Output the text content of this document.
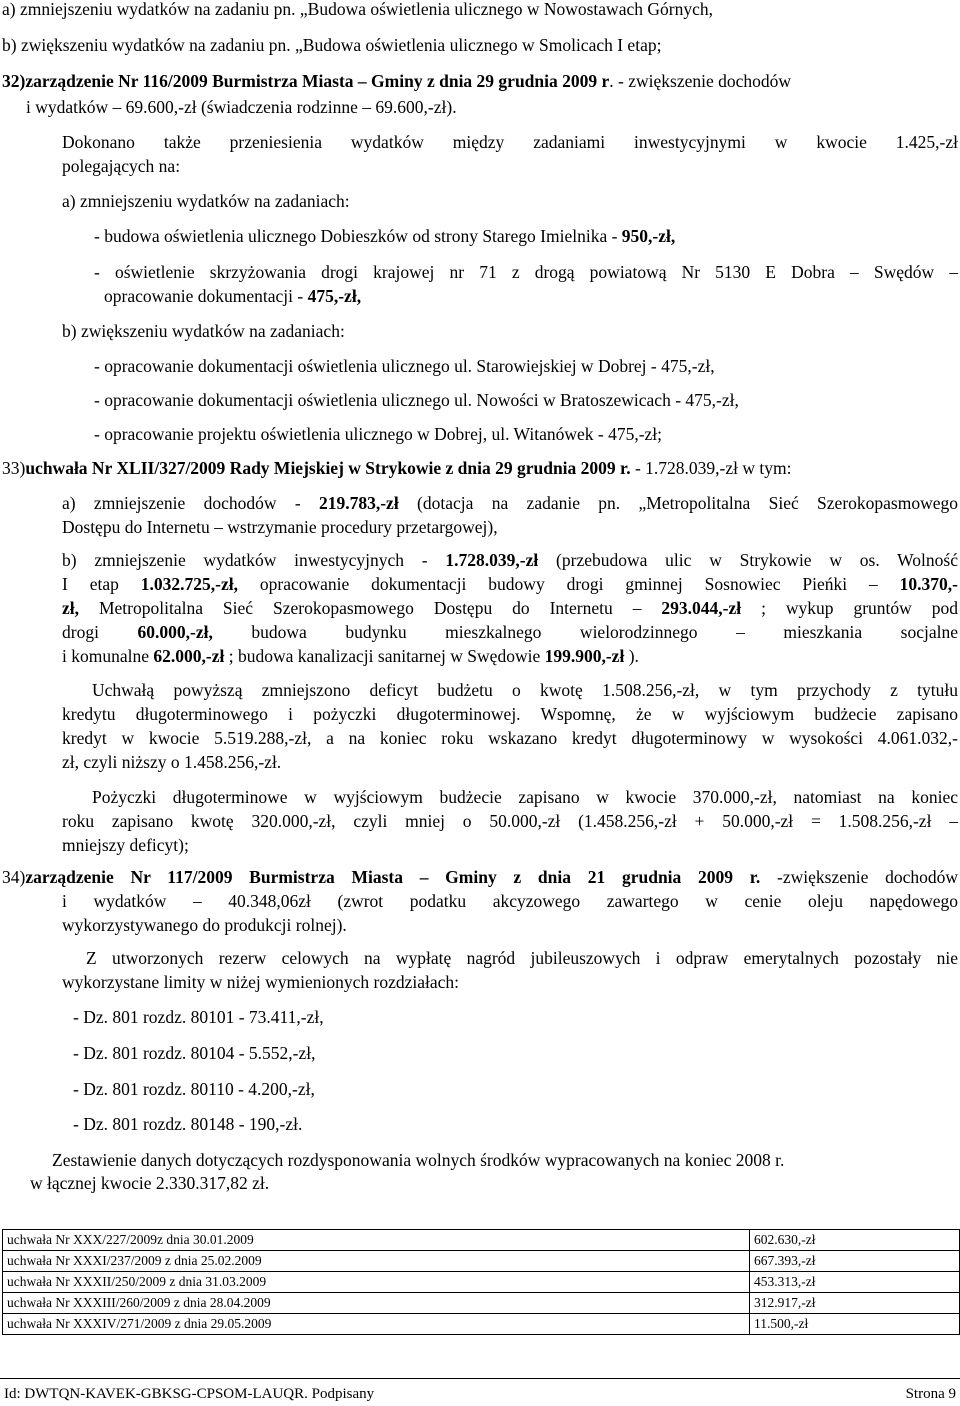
a) zmniejszeniu wydatków na zadaniu pn. „Budowa oświetlenia ulicznego w Nowostawach Górnych,
b) zwiększeniu wydatków na zadaniu pn. „Budowa oświetlenia ulicznego w Smolicach I etap;
32)zarządzenie Nr 116/2009 Burmistrza Miasta – Gminy z dnia 29 grudnia 2009 r. - zwiększenie dochodów
i wydatków – 69.600,-zł (świadczenia rodzinne – 69.600,-zł).
Dokonano także przeniesienia wydatków między zadaniami inwestycyjnymi w kwocie 1.425,-zł
polegających na:
a) zmniejszeniu wydatków na zadaniach:
- budowa oświetlenia ulicznego Dobieszków od strony Starego Imielnika - 950,-zł,
- oświetlenie skrzyżowania drogi krajowej nr 71 z drogą powiatową Nr 5130 E Dobra – Swędów –
opracowanie dokumentacji - 475,-zł,
b) zwiększeniu wydatków na zadaniach:
- opracowanie dokumentacji oświetlenia ulicznego ul. Starowiejskiej w Dobrej - 475,-zł,
- opracowanie dokumentacji oświetlenia ulicznego ul. Nowości w Bratoszewicach - 475,-zł,
- opracowanie projektu oświetlenia ulicznego w Dobrej, ul. Witanówek - 475,-zł;
33)uchwała Nr XLII/327/2009 Rady Miejskiej w Strykowie z dnia 29 grudnia 2009 r. - 1.728.039,-zł w tym:
a) zmniejszenie dochodów - 219.783,-zł (dotacja na zadanie pn. „Metropolitalna Sieć Szerokopasmowego
Dostępu do Internetu – wstrzymanie procedury przetargowej),
b) zmniejszenie wydatków inwestycyjnych - 1.728.039,-zł (przebudowa ulic w Strykowie w os. Wolność
I etap 1.032.725,-zł, opracowanie dokumentacji budowy drogi gminnej Sosnowiec Pieńki – 10.370,-
zł, Metropolitalna Sieć Szerokopasmowego Dostępu do Internetu – 293.044,-zł ; wykup gruntów pod
drogi 60.000,-zł, budowa budynku mieszkalnego wielorodzinnego – mieszkania socjalne
i komunalne 62.000,-zł ; budowa kanalizacji sanitarnej w Swędowie 199.900,-zł ).
Uchwałą powyższą zmniejszono deficyt budżetu o kwotę 1.508.256,-zł, w tym przychody z tytułu
kredytu długoterminowego i pożyczki długoterminowej. Wspomnę, że w wyjściowym budżecie zapisano
kredyt w kwocie 5.519.288,-zł, a na koniec roku wskazano kredyt długoterminowy w wysokości 4.061.032,-
zł, czyli niższy o 1.458.256,-zł.
Pożyczki długoterminowe w wyjściowym budżecie zapisano w kwocie 370.000,-zł, natomiast na koniec
roku zapisano kwotę 320.000,-zł, czyli mniej o 50.000,-zł (1.458.256,-zł + 50.000,-zł = 1.508.256,-zł –
mniejszy deficyt);
34)zarządzenie Nr 117/2009 Burmistrza Miasta – Gminy z dnia 21 grudnia 2009 r. -zwiększenie dochodów
i wydatków – 40.348,06zł (zwrot podatku akcyzowego zawartego w cenie oleju napędowego
wykorzystywanego do produkcji rolnej).
Z utworzonych rezerw celowych na wypłatę nagród jubileuszowych i odpraw emerytalnych pozostały nie
wykorzystane limity w niżej wymienionych rozdziałach:
- Dz. 801 rozdz. 80101 - 73.411,-zł,
- Dz. 801 rozdz. 80104 - 5.552,-zł,
- Dz. 801 rozdz. 80110 - 4.200,-zł,
- Dz. 801 rozdz. 80148 - 190,-zł.
Zestawienie danych dotyczących rozdysponowania wolnych środków wypracowanych na koniec 2008 r.
w łącznej kwocie 2.330.317,82 zł.
uchwała Nr XXX/227/2009z dnia 30.01.2009	602.630,-zł
uchwała Nr XXXI/237/2009 z dnia 25.02.2009	667.393,-zł
uchwała Nr XXXII/250/2009 z dnia 31.03.2009	453.313,-zł
uchwała Nr XXXIII/260/2009 z dnia 28.04.2009	312.917,-zł
uchwała Nr XXXIV/271/2009 z dnia 29.05.2009	11.500,-zł
Id: DWTQN-KAVEK-GBKSG-CPSOM-LAUQR. Podpisany	Strona 9
